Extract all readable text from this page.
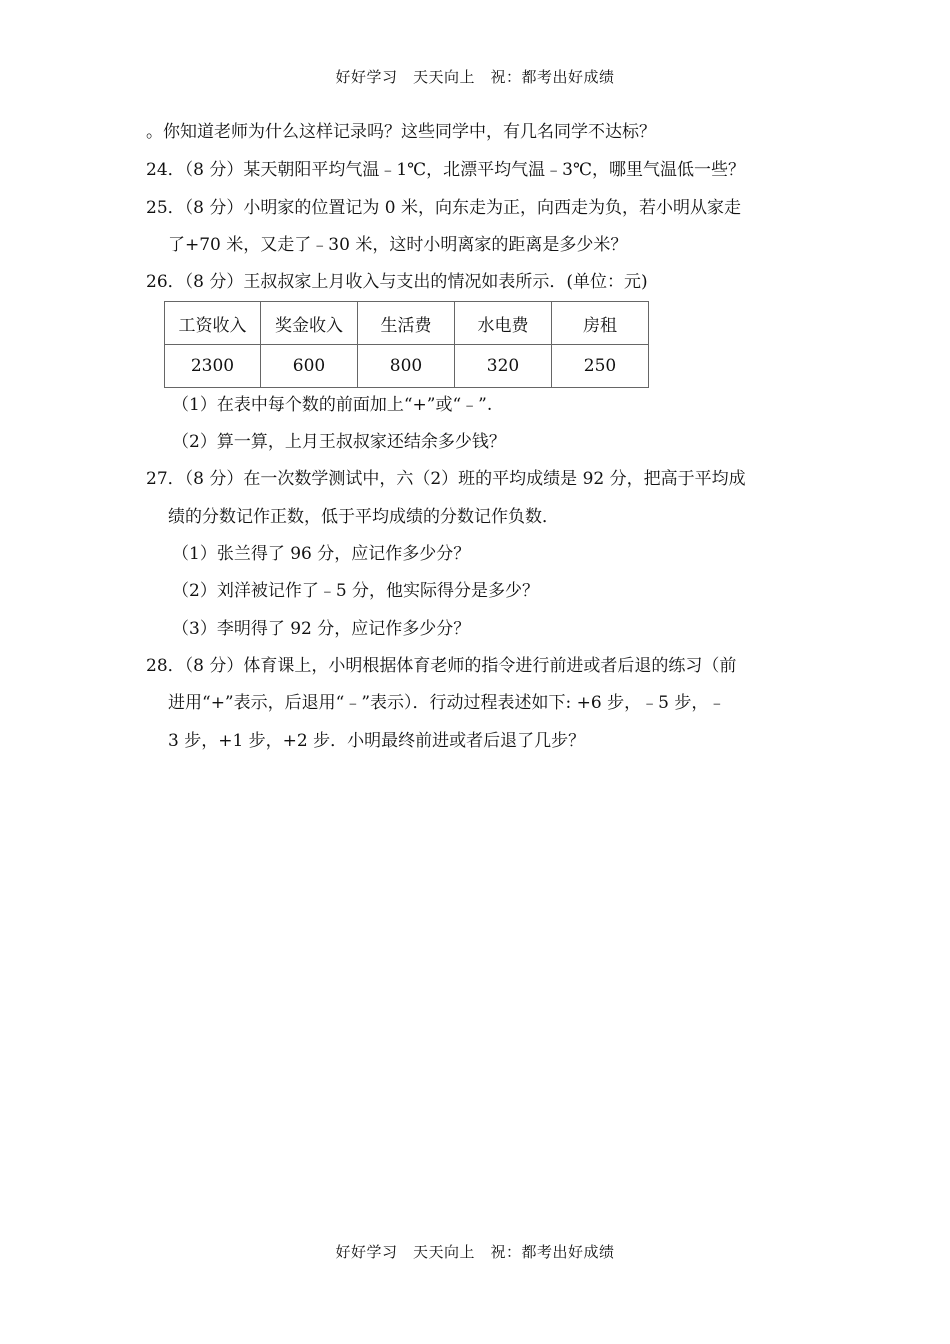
好好学习　天天向上　祝：都考出好成绩
。你知道老师为什么这样记录吗？这些同学中，有几名同学不达标？
24．（8 分）某天朝阳平均气温﹣1℃，北漂平均气温﹣3℃，哪里气温低一些？
25．（8 分）小明家的位置记为 0 米，向东走为正，向西走为负，若小明从家走
了+70 米，又走了﹣30 米，这时小明离家的距离是多少米？
26．（8 分）王叔叔家上月收入与支出的情况如表所示．(单位：元)
工资收入	奖金收入	生活费	水电费	房租
2300	600	800	320	250
（1）在表中每个数的前面加上“+”或“﹣”.
（2）算一算，上月王叔叔家还结余多少钱？
27．（8 分）在一次数学测试中，六（2）班的平均成绩是 92 分，把高于平均成
绩的分数记作正数，低于平均成绩的分数记作负数．
（1）张兰得了 96 分，应记作多少分？
（2）刘洋被记作了﹣5 分，他实际得分是多少？
（3）李明得了 92 分，应记作多少分？
28．（8 分）体育课上，小明根据体育老师的指令进行前进或者后退的练习（前
进用“+”表示，后退用“﹣”表示）．行动过程表述如下: +6 步，﹣5 步，﹣
3 步，+1 步，+2 步．小明最终前进或者后退了几步？
好好学习　天天向上　祝：都考出好成绩
